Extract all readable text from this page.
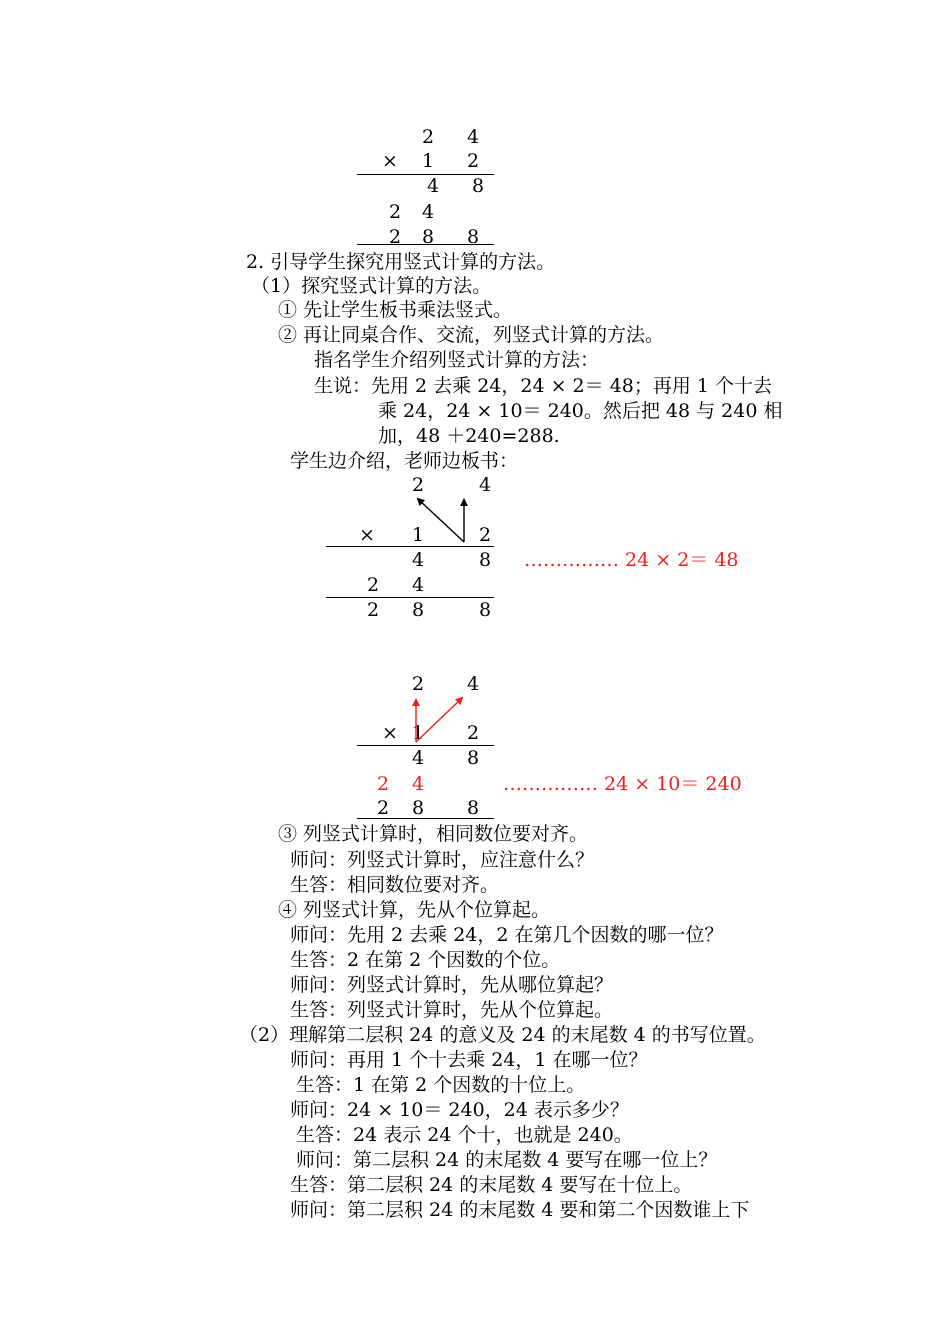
2	4
×	1	2
4	8
2	4
2	8	8
2. 引导学生探究用竖式计算的方法。
（1）探究竖式计算的方法。
① 先让学生板书乘法竖式。
② 再让同桌合作、交流，列竖式计算的方法。
指名学生介绍列竖式计算的方法：
生说：先用 2 去乘 24，24 × 2＝ 48；再用 1 个十去
乘 24，24 × 10＝ 240。然后把 48 与 240 相
加，48 ＋240=288.
学生边介绍，老师边板书：
2	4
×	1	2
4	8
2	4
2	8	8
…………… 24 × 2＝ 48
2	4
× 1	2
4	8
2	4	…………… 24 × 10＝ 240
2	8	8
③ 列竖式计算时，相同数位要对齐。
师问：列竖式计算时，应注意什么？
生答：相同数位要对齐。
④ 列竖式计算，先从个位算起。
师问：先用 2 去乘 24，2 在第几个因数的哪一位？
生答：2 在第 2 个因数的个位。
师问：列竖式计算时，先从哪位算起？
生答：列竖式计算时，先从个位算起。
（2）理解第二层积 24 的意义及 24 的末尾数 4 的书写位置。
师问：再用 1 个十去乘 24，1 在哪一位？
生答：1 在第 2 个因数的十位上。
师问：24 × 10＝ 240，24 表示多少？
生答：24 表示 24 个十，也就是 240。
师问：第二层积 24 的末尾数 4 要写在哪一位上？
生答：第二层积 24 的末尾数 4 要写在十位上。
师问：第二层积 24 的末尾数 4 要和第二个因数谁上下
